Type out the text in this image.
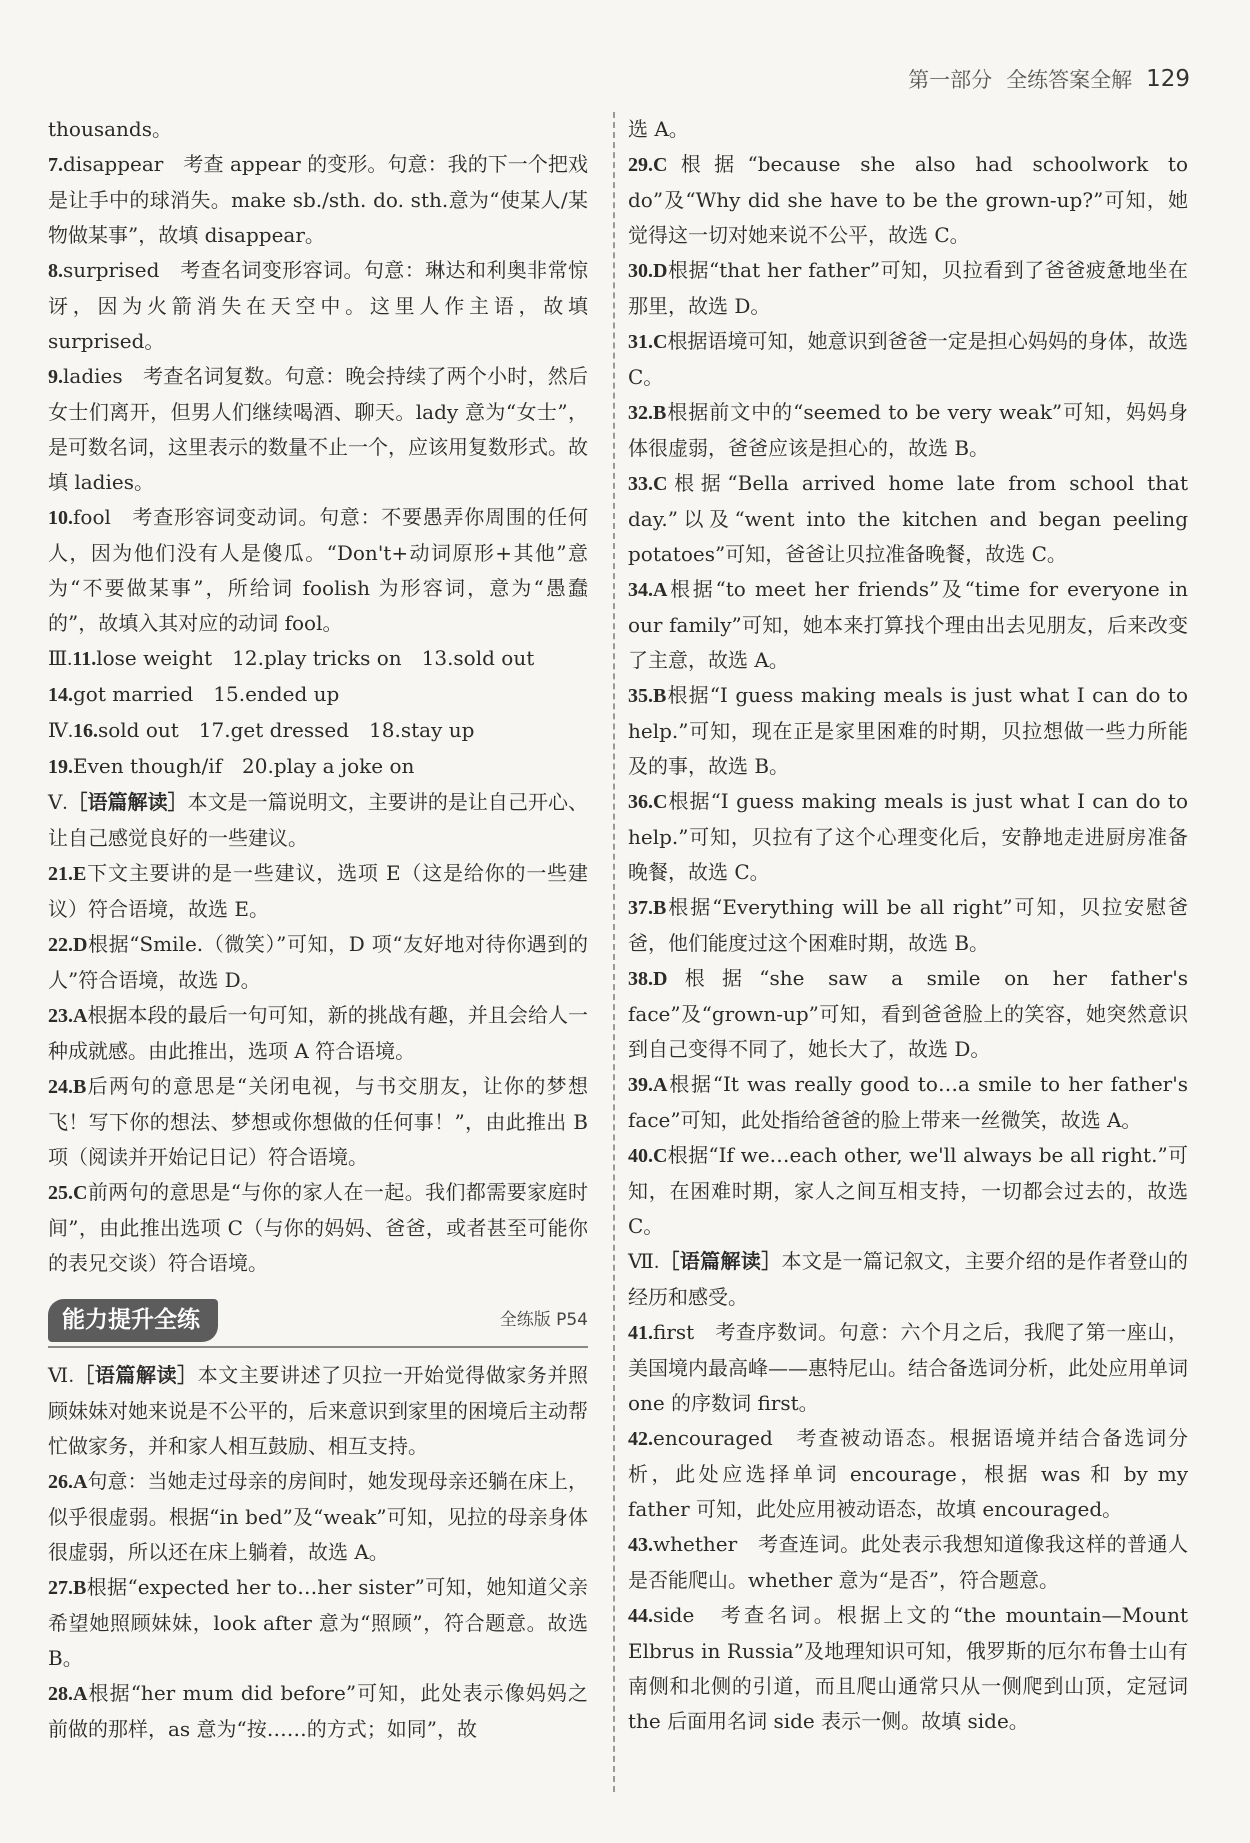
第一部分 全练答案全解 129

thousands。

7.disappear　考查 appear 的变形。句意：我的下一个把戏是让手中的球消失。make sb./sth. do. sth.意为“使某人/某物做某事”，故填 disappear。

8.surprised　考查名词变形容词。句意：琳达和利奥非常惊讶，因为火箭消失在天空中。这里人作主语，故填 surprised。

9.ladies　考查名词复数。句意：晚会持续了两个小时，然后女士们离开，但男人们继续喝酒、聊天。lady 意为“女士”，是可数名词，这里表示的数量不止一个，应该用复数形式。故填 ladies。

10.fool　考查形容词变动词。句意：不要愚弄你周围的任何人，因为他们没有人是傻瓜。“Don't+动词原形+其他”意为“不要做某事”，所给词 foolish 为形容词，意为“愚蠢的”，故填入其对应的动词 fool。

Ⅲ.11.lose weight　12.play tricks on　13.sold out

14.got married　15.ended up

Ⅳ.16.sold out　17.get dressed　18.stay up

19.Even though/if　20.play a joke on

Ⅴ.［语篇解读］本文是一篇说明文，主要讲的是让自己开心、让自己感觉良好的一些建议。

21.E下文主要讲的是一些建议，选项 E（这是给你的一些建议）符合语境，故选 E。

22.D根据“Smile.（微笑）”可知，D 项“友好地对待你遇到的人”符合语境，故选 D。

23.A根据本段的最后一句可知，新的挑战有趣，并且会给人一种成就感。由此推出，选项 A 符合语境。

24.B后两句的意思是“关闭电视，与书交朋友，让你的梦想飞！写下你的想法、梦想或你想做的任何事！”，由此推出 B 项（阅读并开始记日记）符合语境。

25.C前两句的意思是“与你的家人在一起。我们都需要家庭时间”，由此推出选项 C（与你的妈妈、爸爸，或者甚至可能你的表兄交谈）符合语境。

能力提升全练	全练版 P54

Ⅵ.［语篇解读］本文主要讲述了贝拉一开始觉得做家务并照顾妹妹对她来说是不公平的，后来意识到家里的困境后主动帮忙做家务，并和家人相互鼓励、相互支持。

26.A句意：当她走过母亲的房间时，她发现母亲还躺在床上，似乎很虚弱。根据“in bed”及“weak”可知，见拉的母亲身体很虚弱，所以还在床上躺着，故选 A。

27.B根据“expected her to…her sister”可知，她知道父亲希望她照顾妹妹，look after 意为“照顾”，符合题意。故选 B。

28.A根据“her mum did before”可知，此处表示像妈妈之前做的那样，as 意为“按……的方式；如同”，故

选 A。

29.C根据“because she also had schoolwork to do”及“Why did she have to be the grown-up?”可知，她觉得这一切对她来说不公平，故选 C。

30.D根据“that her father”可知，贝拉看到了爸爸疲惫地坐在那里，故选 D。

31.C根据语境可知，她意识到爸爸一定是担心妈妈的身体，故选 C。

32.B根据前文中的“seemed to be very weak”可知，妈妈身体很虚弱，爸爸应该是担心的，故选 B。

33.C根据“Bella arrived home late from school that day.”以及“went into the kitchen and began peeling potatoes”可知，爸爸让贝拉准备晚餐，故选 C。

34.A根据“to meet her friends”及“time for everyone in our family”可知，她本来打算找个理由出去见朋友，后来改变了主意，故选 A。

35.B根据“I guess making meals is just what I can do to help.”可知，现在正是家里困难的时期，贝拉想做一些力所能及的事，故选 B。

36.C根据“I guess making meals is just what I can do to help.”可知，贝拉有了这个心理变化后，安静地走进厨房准备晚餐，故选 C。

37.B根据“Everything will be all right”可知，贝拉安慰爸爸，他们能度过这个困难时期，故选 B。

38.D根据“she saw a smile on her father's face”及“grown-up”可知，看到爸爸脸上的笑容，她突然意识到自己变得不同了，她长大了，故选 D。

39.A根据“It was really good to…a smile to her father's face”可知，此处指给爸爸的脸上带来一丝微笑，故选 A。

40.C根据“If we…each other, we'll always be all right.”可知，在困难时期，家人之间互相支持，一切都会过去的，故选 C。

Ⅶ.［语篇解读］本文是一篇记叙文，主要介绍的是作者登山的经历和感受。

41.first　考查序数词。句意：六个月之后，我爬了第一座山，美国境内最高峰——惠特尼山。结合备选词分析，此处应用单词 one 的序数词 first。

42.encouraged　考查被动语态。根据语境并结合备选词分析，此处应选择单词 encourage，根据 was 和 by my father 可知，此处应用被动语态，故填 encouraged。

43.whether　考查连词。此处表示我想知道像我这样的普通人是否能爬山。whether 意为“是否”，符合题意。

44.side　考查名词。根据上文的“the mountain—Mount Elbrus in Russia”及地理知识可知，俄罗斯的厄尔布鲁士山有南侧和北侧的引道，而且爬山通常只从一侧爬到山顶，定冠词 the 后面用名词 side 表示一侧。故填 side。
